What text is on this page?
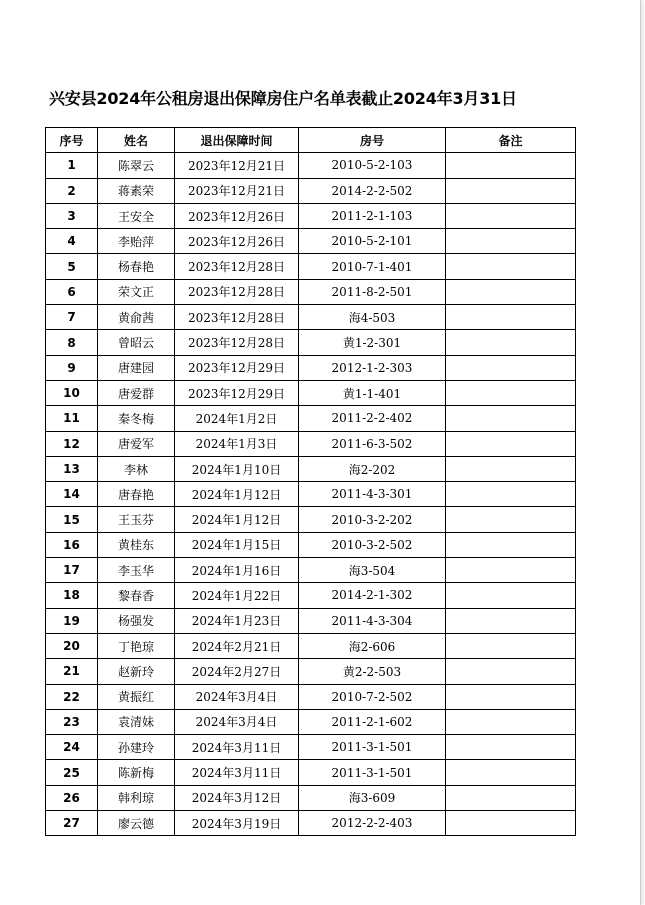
兴安县2024年公租房退出保障房住户名单表截止2024年3月31日
序号	姓名	退出保障时间	房号	备注
1	陈翠云	2023年12月21日	2010-5-2-103	
2	蒋素荣	2023年12月21日	2014-2-2-502	
3	王安全	2023年12月26日	2011-2-1-103	
4	李贻萍	2023年12月26日	2010-5-2-101	
5	杨春艳	2023年12月28日	2010-7-1-401	
6	荣文正	2023年12月28日	2011-8-2-501	
7	黄俞茜	2023年12月28日	海4-503	
8	曾昭云	2023年12月28日	黄1-2-301	
9	唐建园	2023年12月29日	2012-1-2-303	
10	唐爱群	2023年12月29日	黄1-1-401	
11	秦冬梅	2024年1月2日	2011-2-2-402	
12	唐爱军	2024年1月3日	2011-6-3-502	
13	李林	2024年1月10日	海2-202	
14	唐春艳	2024年1月12日	2011-4-3-301	
15	王玉芬	2024年1月12日	2010-3-2-202	
16	黄桂东	2024年1月15日	2010-3-2-502	
17	李玉华	2024年1月16日	海3-504	
18	黎春香	2024年1月22日	2014-2-1-302	
19	杨强发	2024年1月23日	2011-4-3-304	
20	丁艳琼	2024年2月21日	海2-606	
21	赵新玲	2024年2月27日	黄2-2-503	
22	黄振红	2024年3月4日	2010-7-2-502	
23	袁清妹	2024年3月4日	2011-2-1-602	
24	孙建玲	2024年3月11日	2011-3-1-501	
25	陈新梅	2024年3月11日	2011-3-1-501	
26	韩利琼	2024年3月12日	海3-609	
27	廖云德	2024年3月19日	2012-2-2-403	
